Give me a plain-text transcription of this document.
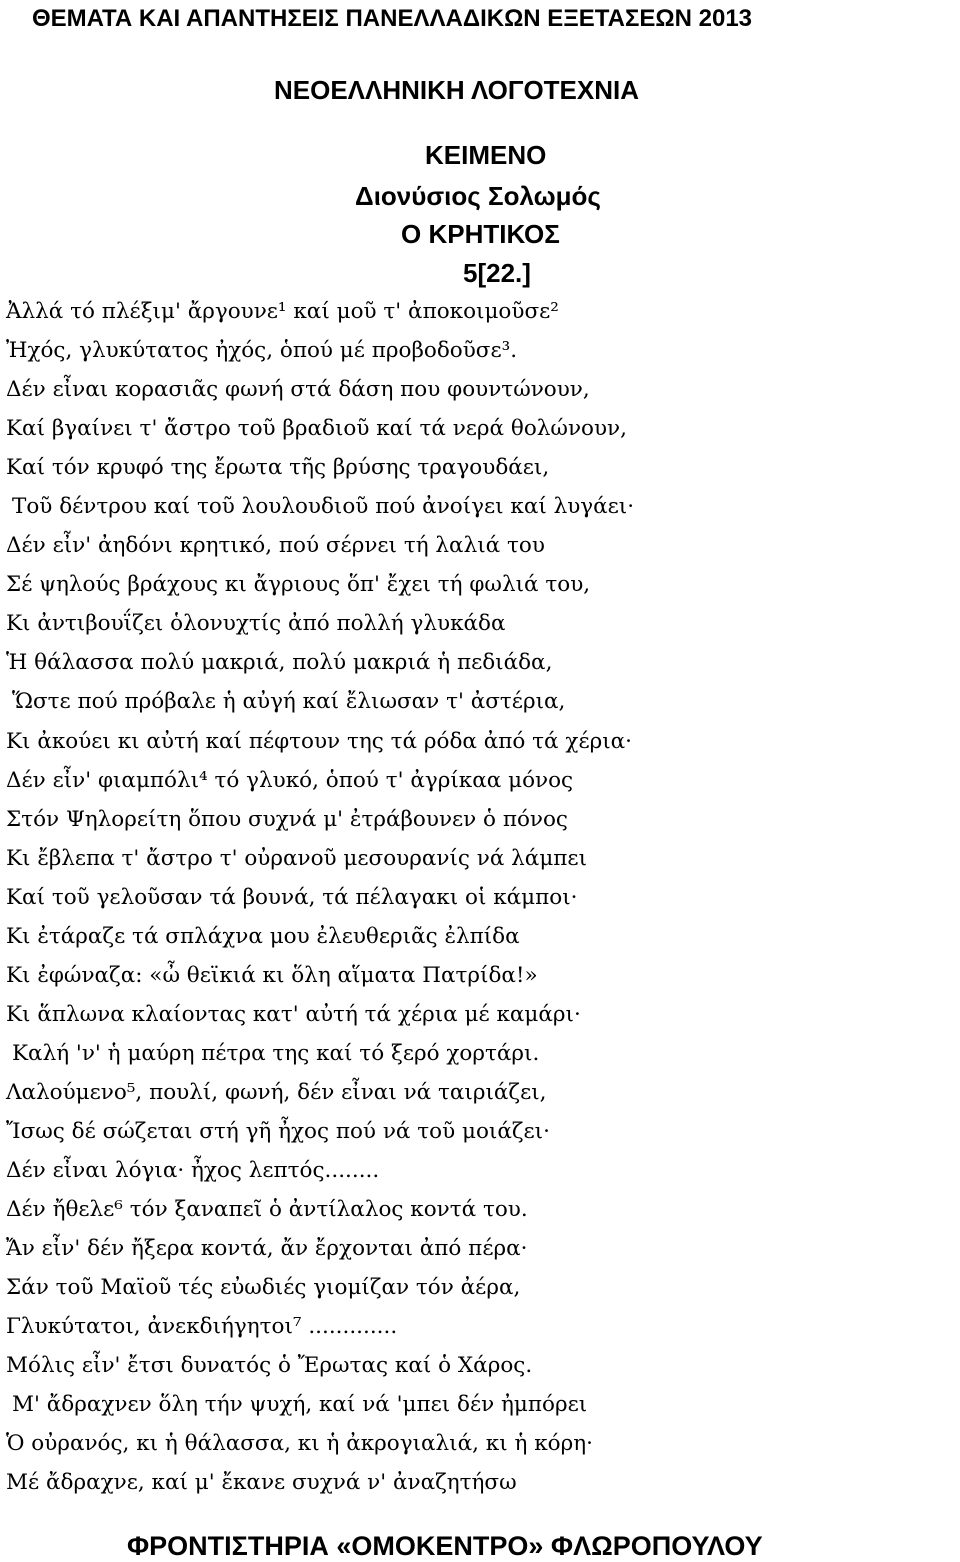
ΘΕΜΑΤΑ ΚΑΙ ΑΠΑΝΤΗΣΕΙΣ ΠΑΝΕΛΛΑΔΙΚΩΝ ΕΞΕΤΑΣΕΩΝ 2013
ΝΕΟΕΛΛΗΝΙΚΗ ΛΟΓΟΤΕΧΝΙΑ
ΚΕΙΜΕΝΟ
Διονύσιος Σολωμός
Ο ΚΡΗΤΙΚΟΣ
5[22.]
Ἀλλά τό πλέξιμ' ἄργουνε¹ καί μοῦ τ' ἀποκοιμοῦσε²
Ἠχός, γλυκύτατος ἠχός, ὁπού μέ προβοδοῦσε³.
Δέν εἶναι κορασιᾶς φωνή στά δάση που φουντώνουν,
Καί βγαίνει τ' ἄστρο τοῦ βραδιοῦ καί τά νερά θολώνουν,
Καί τόν κρυφό της ἔρωτα τῆς βρύσης τραγουδάει,
Τοῦ δέντρου καί τοῦ λουλουδιοῦ πού ἀνοίγει καί λυγάει·
Δέν εἶν' ἀηδόνι κρητικό, πού σέρνει τή λαλιά του
Σέ ψηλούς βράχους κι ἄγριους ὅπ' ἔχει τή φωλιά του,
Κι ἀντιβουΐζει ὁλονυχτίς ἀπό πολλή γλυκάδα
Ἡ θάλασσα πολύ μακριά, πολύ μακριά ἡ πεδιάδα,
Ὥστε πού πρόβαλε ἡ αὐγή καί ἔλιωσαν τ' ἀστέρια,
Κι ἀκούει κι αὐτή καί πέφτουν της τά ρόδα ἀπό τά χέρια·
Δέν εἶν' φιαμπόλι⁴ τό γλυκό, ὁπού τ' ἀγρίκαα μόνος
Στόν Ψηλορείτη ὅπου συχνά μ' ἐτράβουνεν ὁ πόνος
Κι ἔβλεπα τ' ἄστρο τ' οὐρανοῦ μεσουρανίς νά λάμπει
Καί τοῦ γελοῦσαν τά βουνά, τά πέλαγακι οἱ κάμποι·
Κι ἐτάραζε τά σπλάχνα μου ἐλευθεριᾶς ἐλπίδα
Κι ἐφώναζα: «ὦ θεϊκιά κι ὅλη αἵματα Πατρίδα!»
Κι ἅπλωνα κλαίοντας κατ' αὐτή τά χέρια μέ καμάρι·
Καλή 'ν' ἡ μαύρη πέτρα της καί τό ξερό χορτάρι.
Λαλούμενο⁵, πουλί, φωνή, δέν εἶναι νά ταιριάζει,
Ἴσως δέ σώζεται στή γῆ ἦχος πού νά τοῦ μοιάζει·
Δέν εἶναι λόγια· ἦχος λεπτός........
Δέν ἤθελε⁶ τόν ξαναπεῖ ὁ ἀντίλαλος κοντά του.
Ἄν εἶν' δέν ἤξερα κοντά, ἄν ἔρχονται ἀπό πέρα·
Σάν τοῦ Μαϊοῦ τές εὐωδιές γιομίζαν τόν ἀέρα,
Γλυκύτατοι, ἀνεκδιήγητοι⁷ .............
Μόλις εἶν' ἔτσι δυνατός ὁ Ἔρωτας καί ὁ Χάρος.
Μ' ἄδραχνεν ὅλη τήν ψυχή, καί νά 'μπει δέν ἠμπόρει
Ὁ οὐρανός, κι ἡ θάλασσα, κι ἡ ἀκρογιαλιά, κι ἡ κόρη·
Μέ ἄδραχνε, καί μ' ἔκανε συχνά ν' ἀναζητήσω
ΦΡΟΝΤΙΣΤΗΡΙΑ «ΟΜΟΚΕΝΤΡΟ» ΦΛΩΡΟΠΟΥΛΟΥ
